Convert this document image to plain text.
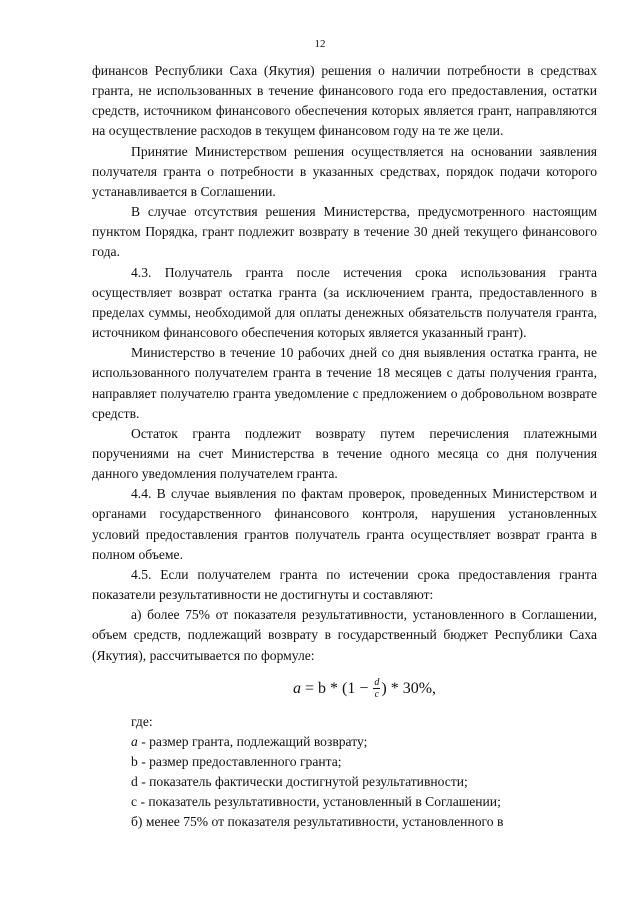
12

финансов Республики Саха (Якутия) решения о наличии потребности в средствах гранта, не использованных в течение финансового года его предоставления, остатки средств, источником финансового обеспечения которых является грант, направляются на осуществление расходов в текущем финансовом году на те же цели.

Принятие Министерством решения осуществляется на основании заявления получателя гранта о потребности в указанных средствах, порядок подачи которого устанавливается в Соглашении.

В случае отсутствия решения Министерства, предусмотренного настоящим пунктом Порядка, грант подлежит возврату в течение 30 дней текущего финансового года.

4.3. Получатель гранта после истечения срока использования гранта осуществляет возврат остатка гранта (за исключением гранта, предоставленного в пределах суммы, необходимой для оплаты денежных обязательств получателя гранта, источником финансового обеспечения которых является указанный грант).

Министерство в течение 10 рабочих дней со дня выявления остатка гранта, не использованного получателем гранта в течение 18 месяцев с даты получения гранта, направляет получателю гранта уведомление с предложением о добровольном возврате средств.

Остаток гранта подлежит возврату путем перечисления платежными поручениями на счет Министерства в течение одного месяца со дня получения данного уведомления получателем гранта.

4.4. В случае выявления по фактам проверок, проведенных Министерством и органами государственного финансового контроля, нарушения установленных условий предоставления грантов получатель гранта осуществляет возврат гранта в полном объеме.

4.5. Если получателем гранта по истечении срока предоставления гранта показатели результативности не достигнуты и составляют:

а) более 75% от показателя результативности, установленного в Соглашении, объем средств, подлежащий возврату в государственный бюджет Республики Саха (Якутия), рассчитывается по формуле:

$a = b * (1 - \frac{d}{c}$ ) * 30%,

где:

a - размер гранта, подлежащий возврату;

b - размер предоставленного гранта;

d - показатель фактически достигнутой результативности;

c - показатель результативности, установленный в Соглашении;

б) менее 75% от показателя результативности, установленного в
